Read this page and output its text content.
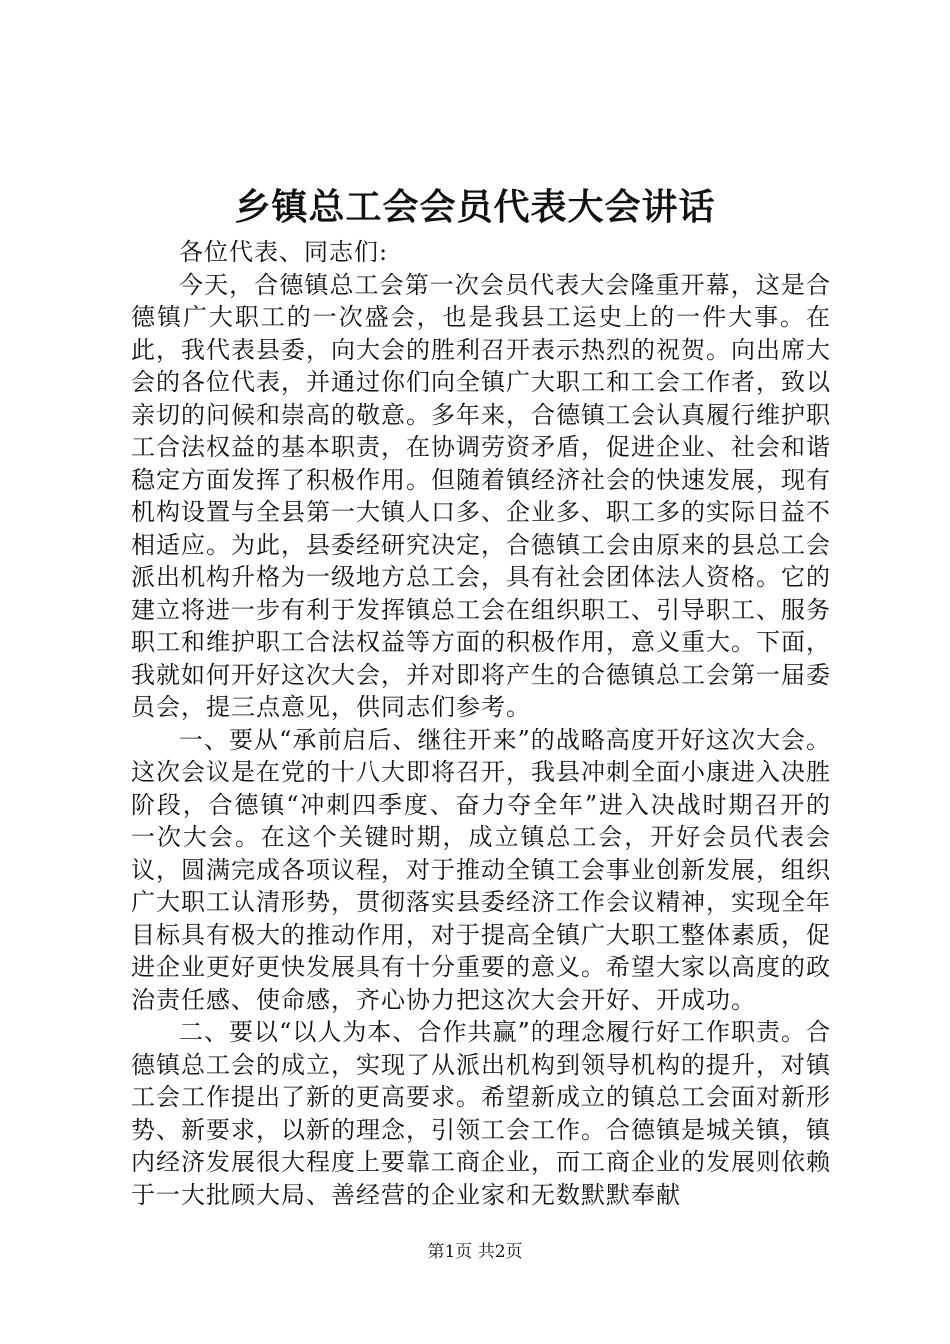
乡镇总工会会员代表大会讲话

各位代表、同志们:

今天，合德镇总工会第一次会员代表大会隆重开幕，这是合德镇广大职工的一次盛会，也是我县工运史上的一件大事。在此，我代表县委，向大会的胜利召开表示热烈的祝贺。向出席大会的各位代表，并通过你们向全镇广大职工和工会工作者，致以亲切的问候和崇高的敬意。多年来，合德镇工会认真履行维护职工合法权益的基本职责，在协调劳资矛盾，促进企业、社会和谐稳定方面发挥了积极作用。但随着镇经济社会的快速发展，现有机构设置与全县第一大镇人口多、企业多、职工多的实际日益不相适应。为此，县委经研究决定，合德镇工会由原来的县总工会派出机构升格为一级地方总工会，具有社会团体法人资格。它的建立将进一步有利于发挥镇总工会在组织职工、引导职工、服务职工和维护职工合法权益等方面的积极作用，意义重大。下面，我就如何开好这次大会，并对即将产生的合德镇总工会第一届委员会，提三点意见，供同志们参考。

一、要从“承前启后、继往开来”的战略高度开好这次大会。这次会议是在党的十八大即将召开，我县冲刺全面小康进入决胜阶段，合德镇“冲刺四季度、奋力夺全年”进入决战时期召开的一次大会。在这个关键时期，成立镇总工会，开好会员代表会议，圆满完成各项议程，对于推动全镇工会事业创新发展，组织广大职工认清形势，贯彻落实县委经济工作会议精神，实现全年目标具有极大的推动作用，对于提高全镇广大职工整体素质，促进企业更好更快发展具有十分重要的意义。希望大家以高度的政治责任感、使命感，齐心协力把这次大会开好、开成功。

二、要以“以人为本、合作共赢”的理念履行好工作职责。合德镇总工会的成立，实现了从派出机构到领导机构的提升，对镇工会工作提出了新的更高要求。希望新成立的镇总工会面对新形势、新要求，以新的理念，引领工会工作。合德镇是城关镇，镇内经济发展很大程度上要靠工商企业，而工商企业的发展则依赖于一大批顾大局、善经营的企业家和无数默默奉献

第1页 共2页
